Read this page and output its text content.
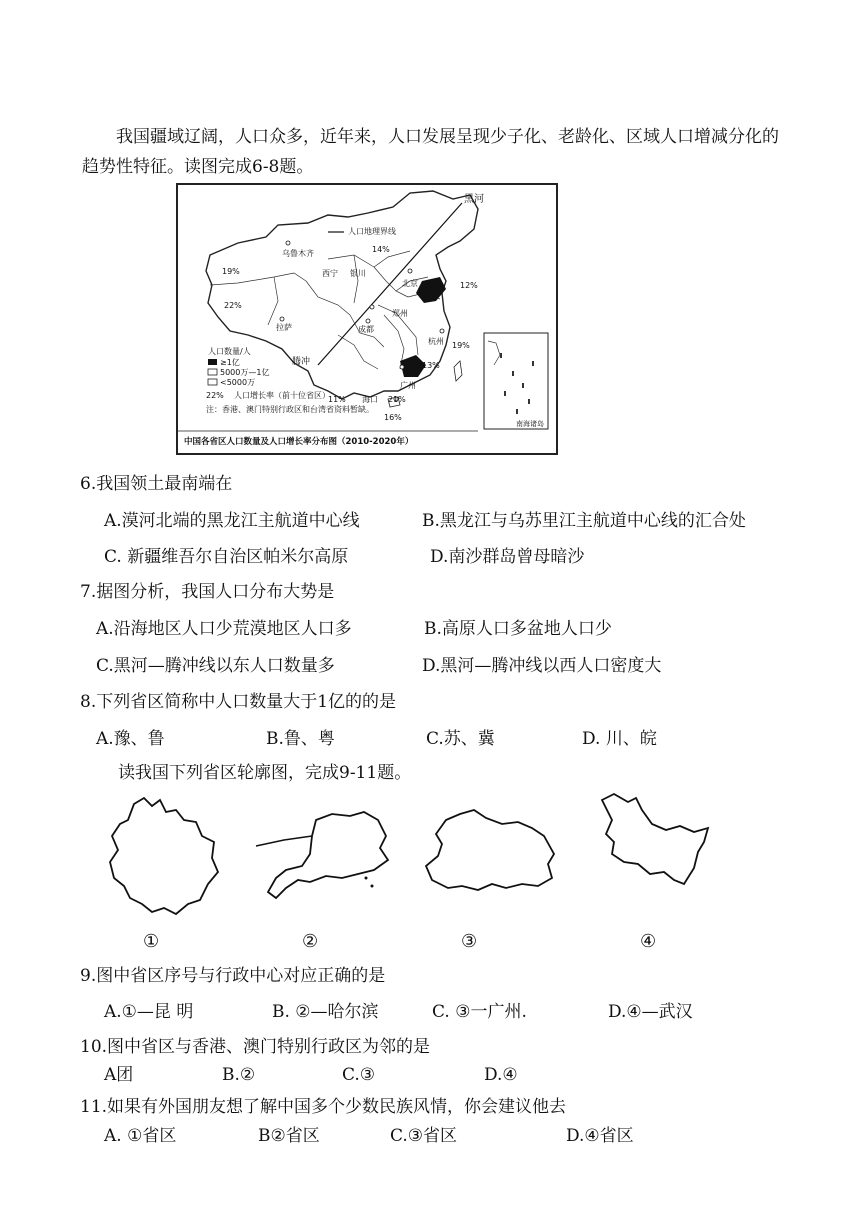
我国疆域辽阔，人口众多，近年来，人口发展呈现少子化、老龄化、区域人口增减分化的趋势性特征。读图完成6-8题。
黑河
人口地理界线
14%
乌鲁木齐
19%
22%
拉萨
西宁 银川
北京	12%
郑州
成都
杭州 19%
13%
腾冲
广州
11% 海口 21%
16%
人口数量/人
≥1亿
5000万—1亿
<5000万
22% 人口增长率（前十位省区）
注：香港、澳门特别行政区和台湾省资料暂缺。
南海诸岛
中国各省区人口数量及人口增长率分布图（2010-2020年）
6.我国领土最南端在
A.漠河北端的黑龙江主航道中心线	B.黑龙江与乌苏里江主航道中心线的汇合处
C. 新疆维吾尔自治区帕米尔高原	D.南沙群岛曾母暗沙
7.据图分析，我国人口分布大势是
A.沿海地区人口少荒漠地区人口多	B.高原人口多盆地人口少
C.黑河—腾冲线以东人口数量多	D.黑河—腾冲线以西人口密度大
8.下列省区简称中人口数量大于1亿的的是
A.豫、鲁	B.鲁、粤	C.苏、冀	D. 川、皖
读我国下列省区轮廓图，完成9-11题。
①	②	③	④
9.图中省区序号与行政中心对应正确的是
A.①—昆 明	B. ②—哈尔滨	C. ③一广州.	D.④—武汉
10.图中省区与香港、澳门特别行政区为邻的是
A团	B.②	C.③	D.④
11.如果有外国朋友想了解中国多个少数民族风情，你会建议他去
A. ①省区	B②省区	C.③省区	D.④省区
